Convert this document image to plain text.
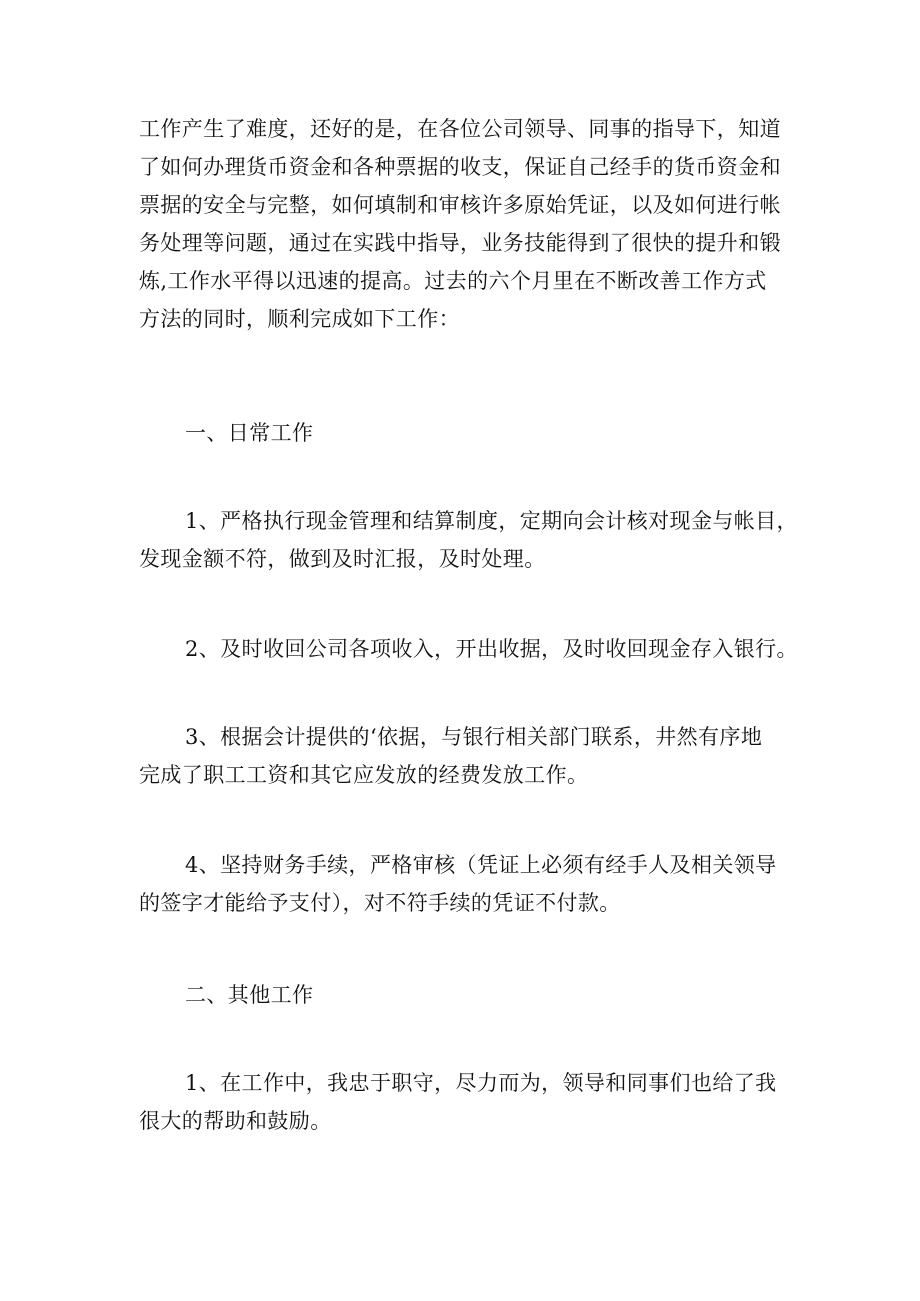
工作产生了难度，还好的是，在各位公司领导、同事的指导下，知道
了如何办理货币资金和各种票据的收支，保证自己经手的货币资金和
票据的安全与完整，如何填制和审核许多原始凭证，以及如何进行帐
务处理等问题，通过在实践中指导，业务技能得到了很快的提升和锻
炼,工作水平得以迅速的提高。过去的六个月里在不断改善工作方式
方法的同时，顺利完成如下工作：
一、日常工作
1、严格执行现金管理和结算制度，定期向会计核对现金与帐目，
发现金额不符，做到及时汇报，及时处理。
2、及时收回公司各项收入，开出收据，及时收回现金存入银行。
3、根据会计提供的‘依据，与银行相关部门联系，井然有序地
完成了职工工资和其它应发放的经费发放工作。
4、坚持财务手续，严格审核（凭证上必须有经手人及相关领导
的签字才能给予支付），对不符手续的凭证不付款。
二、其他工作
1、在工作中，我忠于职守，尽力而为，领导和同事们也给了我
很大的帮助和鼓励。
